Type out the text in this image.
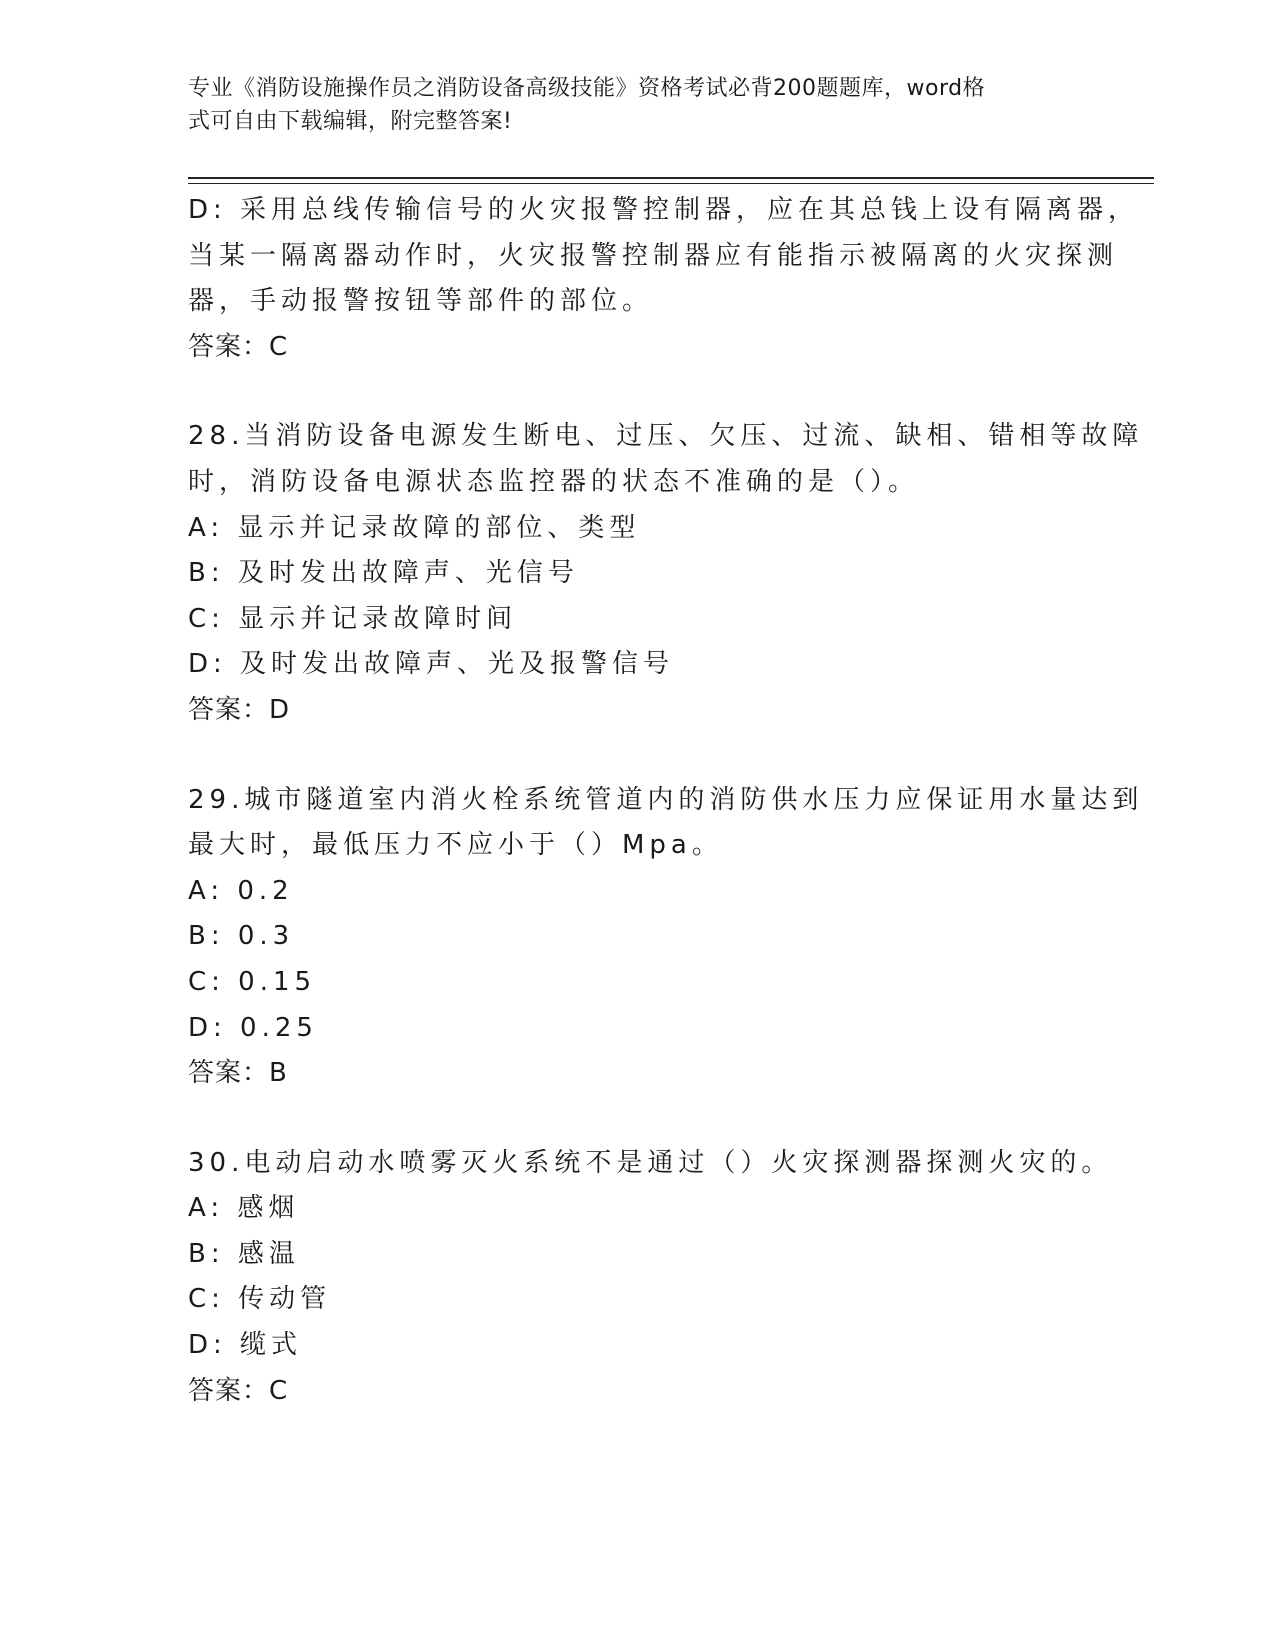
专业《消防设施操作员之消防设备高级技能》资格考试必背200题题库，word格
式可自由下载编辑，附完整答案!
D: 采用总线传输信号的火灾报警控制器，应在其总钱上设有隔离器，
当某一隔离器动作时，火灾报警控制器应有能指示被隔离的火灾探测
器，手动报警按钮等部件的部位。
答案：C
28.当消防设备电源发生断电、过压、欠压、过流、缺相、错相等故障
时，消防设备电源状态监控器的状态不准确的是（）。
A: 显示并记录故障的部位、类型
B: 及时发出故障声、光信号
C: 显示并记录故障时间
D: 及时发出故障声、光及报警信号
答案：D
29.城市隧道室内消火栓系统管道内的消防供水压力应保证用水量达到
最大时，最低压力不应小于（）Mpa。
A: 0.2
B: 0.3
C: 0.15
D: 0.25
答案：B
30.电动启动水喷雾灭火系统不是通过（）火灾探测器探测火灾的。
A: 感烟
B: 感温
C: 传动管
D: 缆式
答案：C
